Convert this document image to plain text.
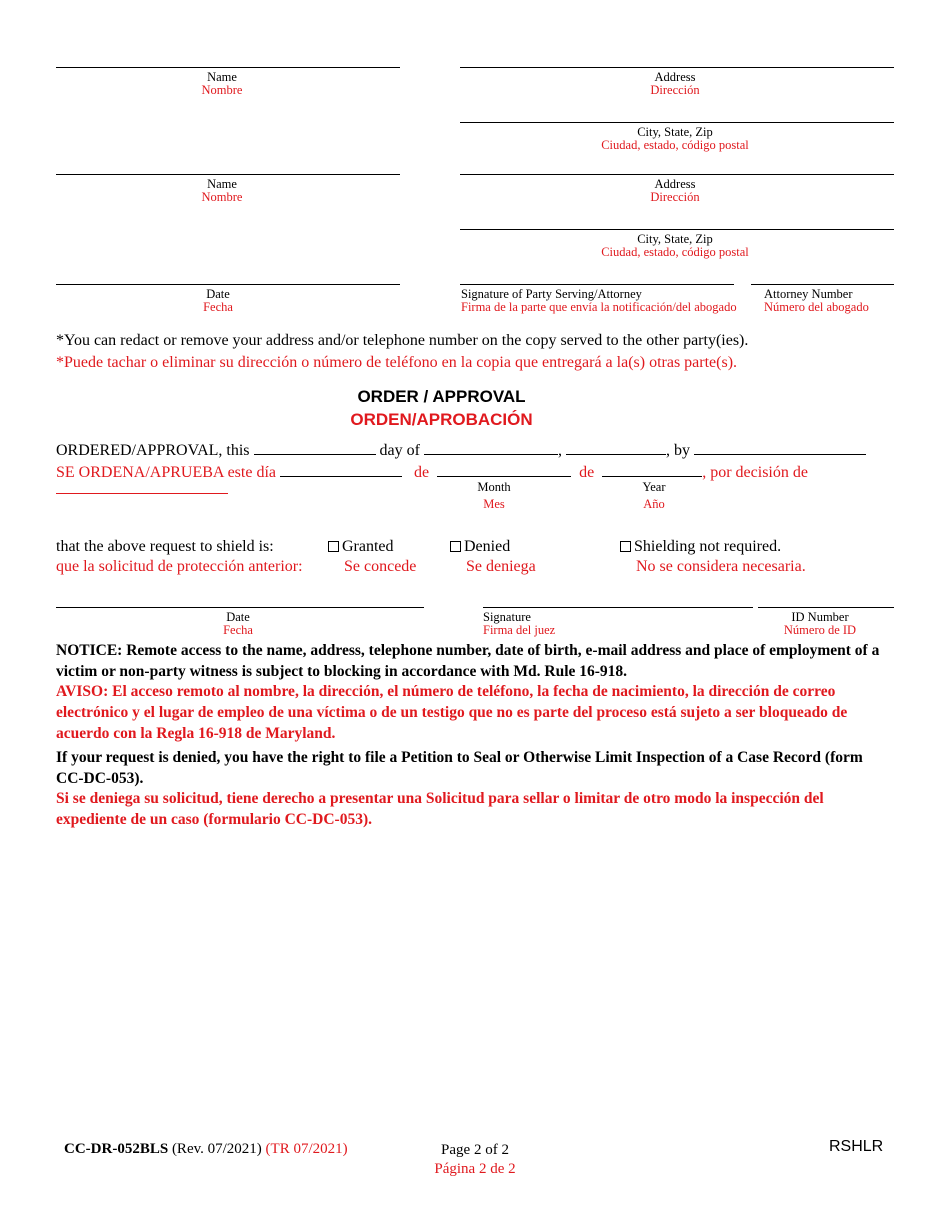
Name
Nombre
Address
Dirección
City, State, Zip
Ciudad, estado, código postal
Name
Nombre
Address
Dirección
City, State, Zip
Ciudad, estado, código postal
Date
Fecha
Signature of Party Serving/Attorney
Firma de la parte que envía la notificación/del abogado
Attorney Number
Número del abogado
*You can redact or remove your address and/or telephone number on the copy served to the other party(ies).
*Puede tachar o eliminar su dirección o número de teléfono en la copia que entregará a la(s) otras parte(s).
ORDER / APPROVAL
ORDEN/APROBACIÓN
ORDERED/APPROVAL, this	day of	,	, by
SE ORDENA/APRUEBA este día	de	de	, por decisión de
Month
Mes
Year
Año
that the above request to shield is:
que la solicitud de protección anterior:
Granted
Se concede
Denied
Se deniega
Shielding not required.
No se considera necesaria.
Date
Fecha
Signature
Firma del juez
ID Number
Número de ID
NOTICE: Remote access to the name, address, telephone number, date of birth, e-mail address and place of employment of a victim or non-party witness is subject to blocking in accordance with Md. Rule 16-918.
AVISO: El acceso remoto al nombre, la dirección, el número de teléfono, la fecha de nacimiento, la dirección de correo electrónico y el lugar de empleo de una víctima o de un testigo que no es parte del proceso está sujeto a ser bloqueado de acuerdo con la Regla 16-918 de Maryland.
If your request is denied, you have the right to file a Petition to Seal or Otherwise Limit Inspection of a Case Record (form CC-DC-053).
Si se deniega su solicitud, tiene derecho a presentar una Solicitud para sellar o limitar de otro modo la inspección del expediente de un caso (formulario CC-DC-053).
CC-DR-052BLS (Rev. 07/2021) (TR 07/2021)	Page 2 of 2
Página 2 de 2
RSHLR
